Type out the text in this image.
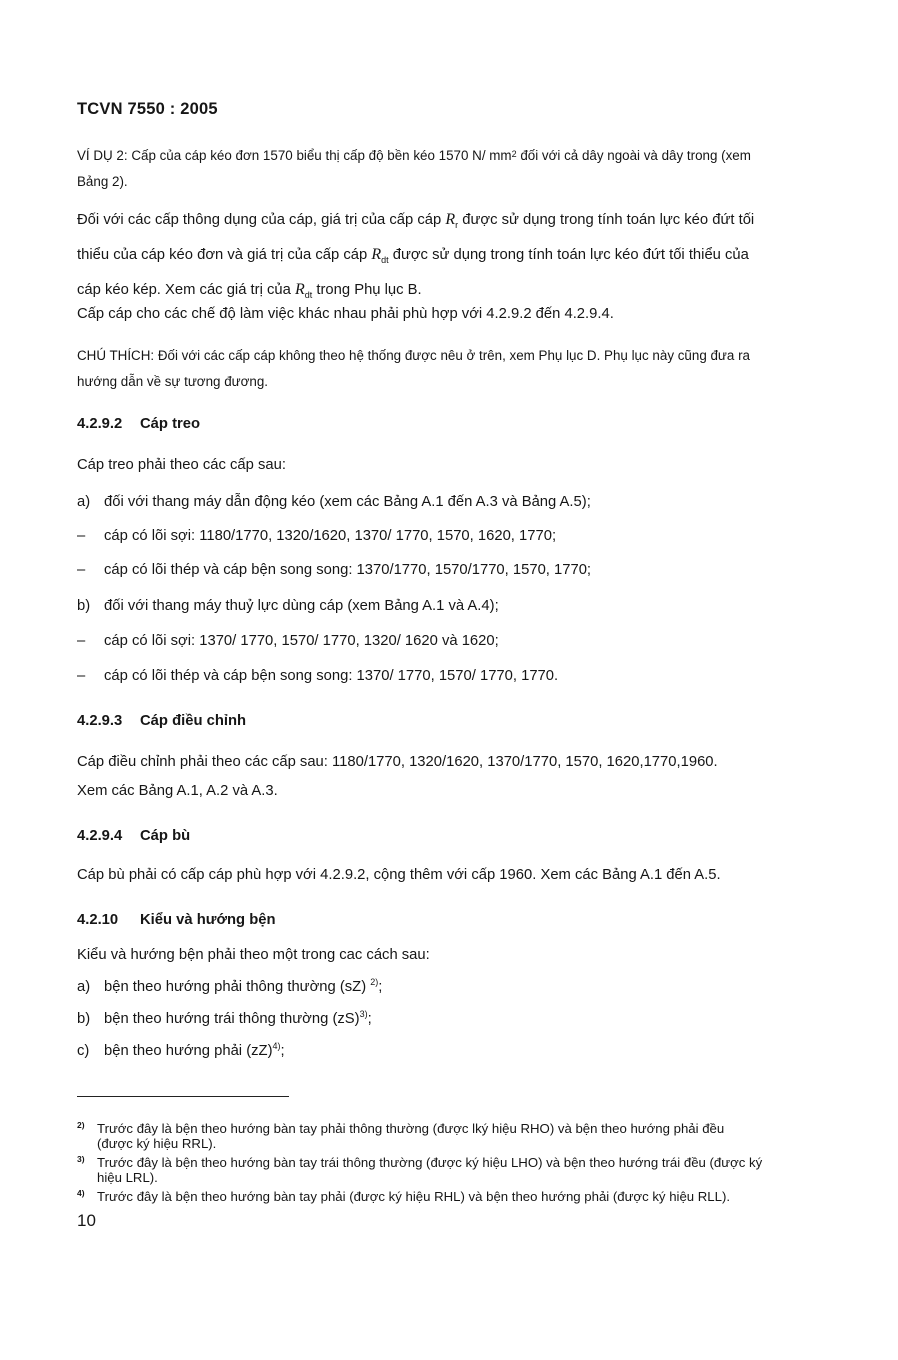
TCVN 7550 : 2005
VÍ DỤ 2: Cấp của cáp kéo đơn 1570 biểu thị cấp độ bền kéo 1570 N/ $mm^2$ đối với cả dây ngoài và dây trong (xem
Bảng 2).
Đối với các cấp thông dụng của cáp, giá trị của cấp cáp $R_r$ được sử dụng trong tính toán lực kéo đứt tối
thiểu của cáp kéo đơn và giá trị của cấp cáp $R_{dt}$ được sử dụng trong tính toán lực kéo đứt tối thiểu của
cáp kéo kép. Xem các giá trị của $R_{dt}$ trong Phụ lục B.
Cấp cáp cho các chế độ làm việc khác nhau phải phù hợp với 4.2.9.2 đến 4.2.9.4.
CHÚ THÍCH: Đối với các cấp cáp không theo hệ thống được nêu ở trên, xem Phụ lục D. Phụ lục này cũng đưa ra
hướng dẫn về sự tương đương.
4.2.9.2 Cáp treo
Cáp treo phải theo các cấp sau:
a) đối với thang máy dẫn động kéo (xem các Bảng A.1 đến A.3 và Bảng A.5);
– cáp có lõi sợi: 1180/1770, 1320/1620, 1370/ 1770, 1570, 1620, 1770;
– cáp có lõi thép và cáp bện song song: 1370/1770, 1570/1770, 1570, 1770;
b) đối với thang máy thuỷ lực dùng cáp (xem Bảng A.1 và A.4);
– cáp có lõi sợi: 1370/ 1770, 1570/ 1770, 1320/ 1620 và 1620;
– cáp có lõi thép và cáp bện song song: 1370/ 1770, 1570/ 1770, 1770.
4.2.9.3 Cáp điều chỉnh
Cáp điều chỉnh phải theo các cấp sau: 1180/1770, 1320/1620, 1370/1770, 1570, 1620,1770,1960.
Xem các Bảng A.1, A.2 và A.3.
4.2.9.4 Cáp bù
Cáp bù phải có cấp cáp phù hợp với 4.2.9.2, cộng thêm với cấp 1960. Xem các Bảng A.1 đến A.5.
4.2.10 Kiểu và hướng bện
Kiểu và hướng bện phải theo một trong cac cách sau:
a) bện theo hướng phải thông thường (sZ) $^{2)}$;
b) bện theo hướng trái thông thường (zS)$^{3)}$;
c) bện theo hướng phải (zZ)$^{4)}$;
2) Trước đây là bện theo hướng bàn tay phải thông thường (được lký hiệu RHO) và bện theo hướng phải đều
(được ký hiệu RRL).
3) Trước đây là bện theo hướng bàn tay trái thông thường (được ký hiệu LHO) và bện theo hướng trái đều (được ký
hiệu LRL).
4) Trước đây là bện theo hướng bàn tay phải (được ký hiệu RHL) và bện theo hướng phải (được ký hiệu RLL).
10
